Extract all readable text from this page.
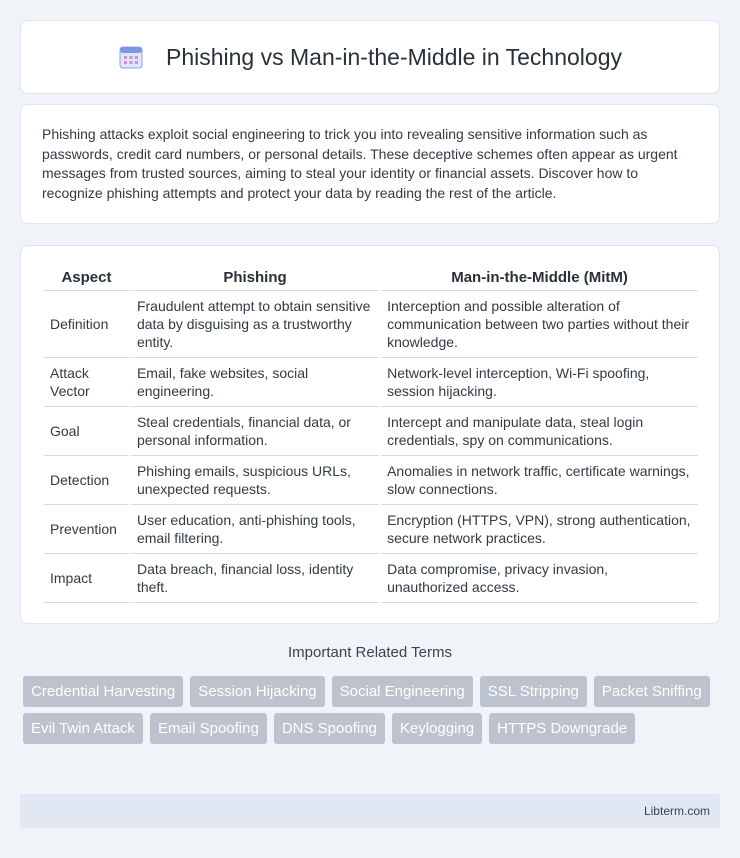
Phishing vs Man-in-the-Middle in Technology

Phishing attacks exploit social engineering to trick you into revealing sensitive information such as passwords, credit card numbers, or personal details. These deceptive schemes often appear as urgent messages from trusted sources, aiming to steal your identity or financial assets. Discover how to recognize phishing attempts and protect your data by reading the rest of the article.

Aspect	Phishing	Man-in-the-Middle (MitM)
Definition	Fraudulent attempt to obtain sensitive data by disguising as a trustworthy entity.	Interception and possible alteration of communication between two parties without their knowledge.
Attack Vector	Email, fake websites, social engineering.	Network-level interception, Wi-Fi spoofing, session hijacking.
Goal	Steal credentials, financial data, or personal information.	Intercept and manipulate data, steal login credentials, spy on communications.
Detection	Phishing emails, suspicious URLs, unexpected requests.	Anomalies in network traffic, certificate warnings, slow connections.
Prevention	User education, anti-phishing tools, email filtering.	Encryption (HTTPS, VPN), strong authentication, secure network practices.
Impact	Data breach, financial loss, identity theft.	Data compromise, privacy invasion, unauthorized access.
Important Related Terms
Credential Harvesting	Session Hijacking	Social Engineering	SSL Stripping	Packet Sniffing
Evil Twin Attack	Email Spoofing	DNS Spoofing	Keylogging	HTTPS Downgrade
Libterm.com
